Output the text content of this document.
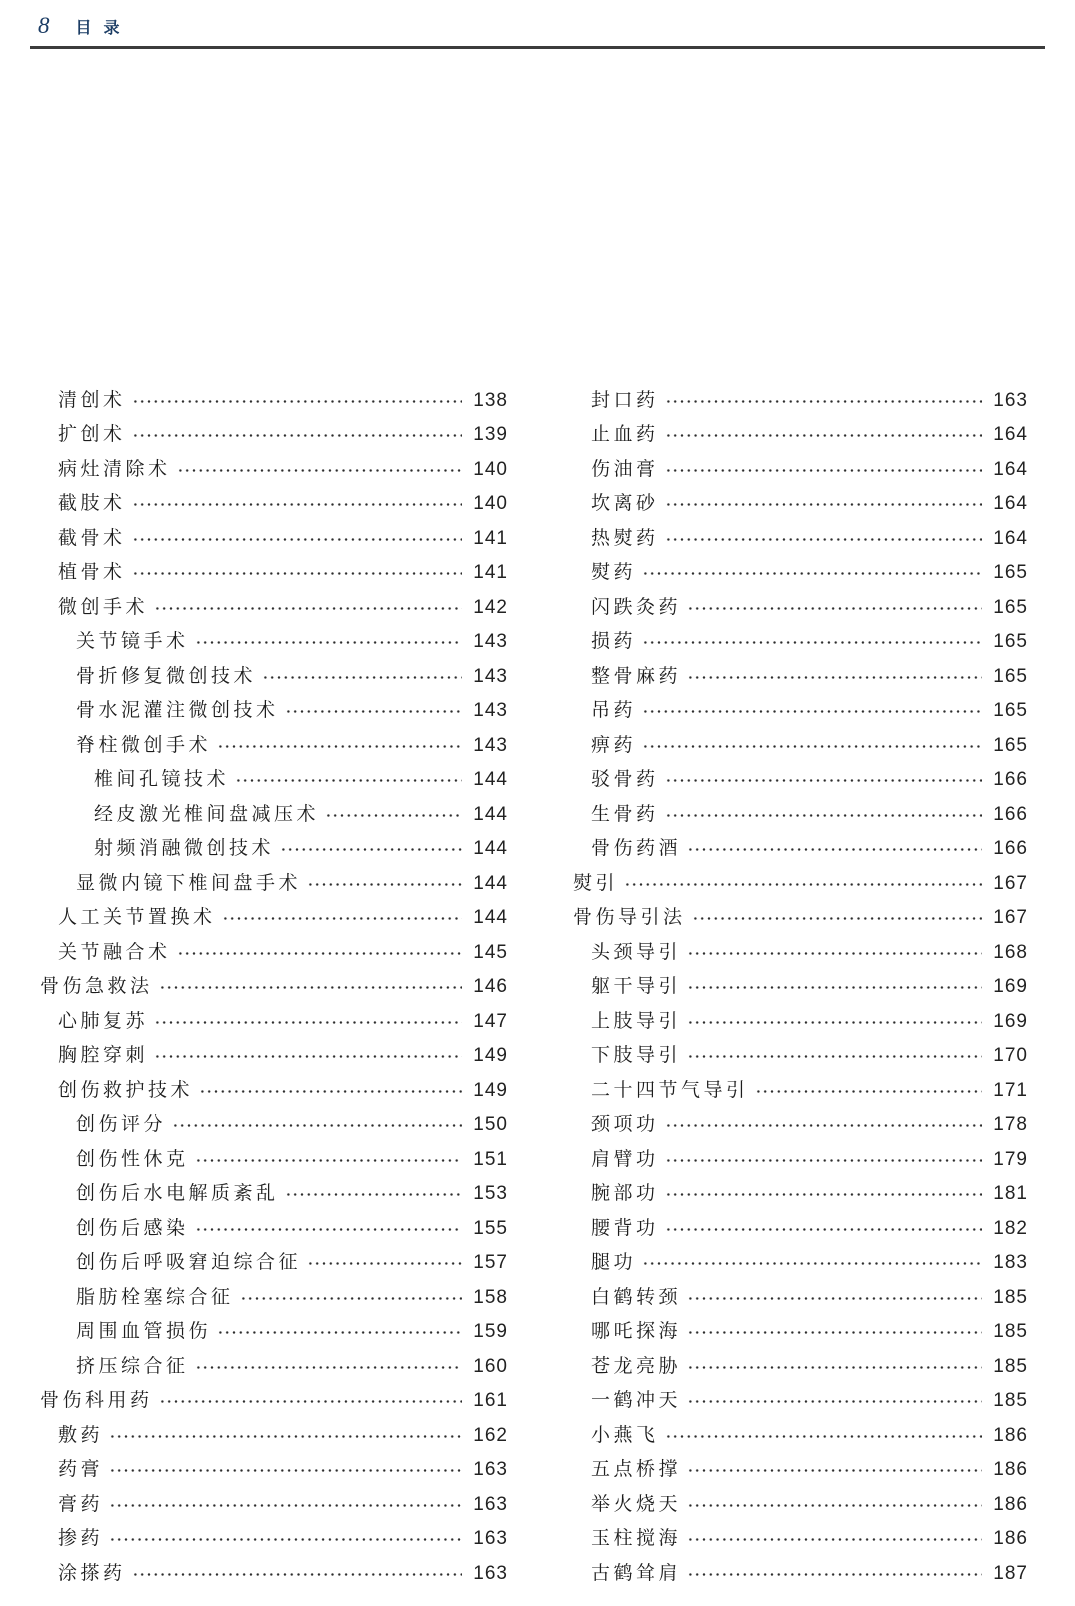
8 目 录
清创术	138
扩创术	139
病灶清除术	140
截肢术	140
截骨术	141
植骨术	141
微创手术	142
关节镜手术	143
骨折修复微创技术	143
骨水泥灌注微创技术	143
脊柱微创手术	143
椎间孔镜技术	144
经皮激光椎间盘减压术	144
射频消融微创技术	144
显微内镜下椎间盘手术	144
人工关节置换术	144
关节融合术	145
骨伤急救法	146
心肺复苏	147
胸腔穿刺	149
创伤救护技术	149
创伤评分	150
创伤性休克	151
创伤后水电解质紊乱	153
创伤后感染	155
创伤后呼吸窘迫综合征	157
脂肪栓塞综合征	158
周围血管损伤	159
挤压综合征	160
骨伤科用药	161
敷药	162
药膏	163
膏药	163
掺药	163
涂搽药	163
封口药	163
止血药	164
伤油膏	164
坎离砂	164
热熨药	164
熨药	165
闪跌灸药	165
损药	165
整骨麻药	165
吊药	165
痹药	165
驳骨药	166
生骨药	166
骨伤药酒	166
熨引	167
骨伤导引法	167
头颈导引	168
躯干导引	169
上肢导引	169
下肢导引	170
二十四节气导引	171
颈项功	178
肩臂功	179
腕部功	181
腰背功	182
腿功	183
白鹤转颈	185
哪吒探海	185
苍龙亮胁	185
一鹤冲天	185
小燕飞	186
五点桥撑	186
举火烧天	186
玉柱搅海	186
古鹤耸肩	187
